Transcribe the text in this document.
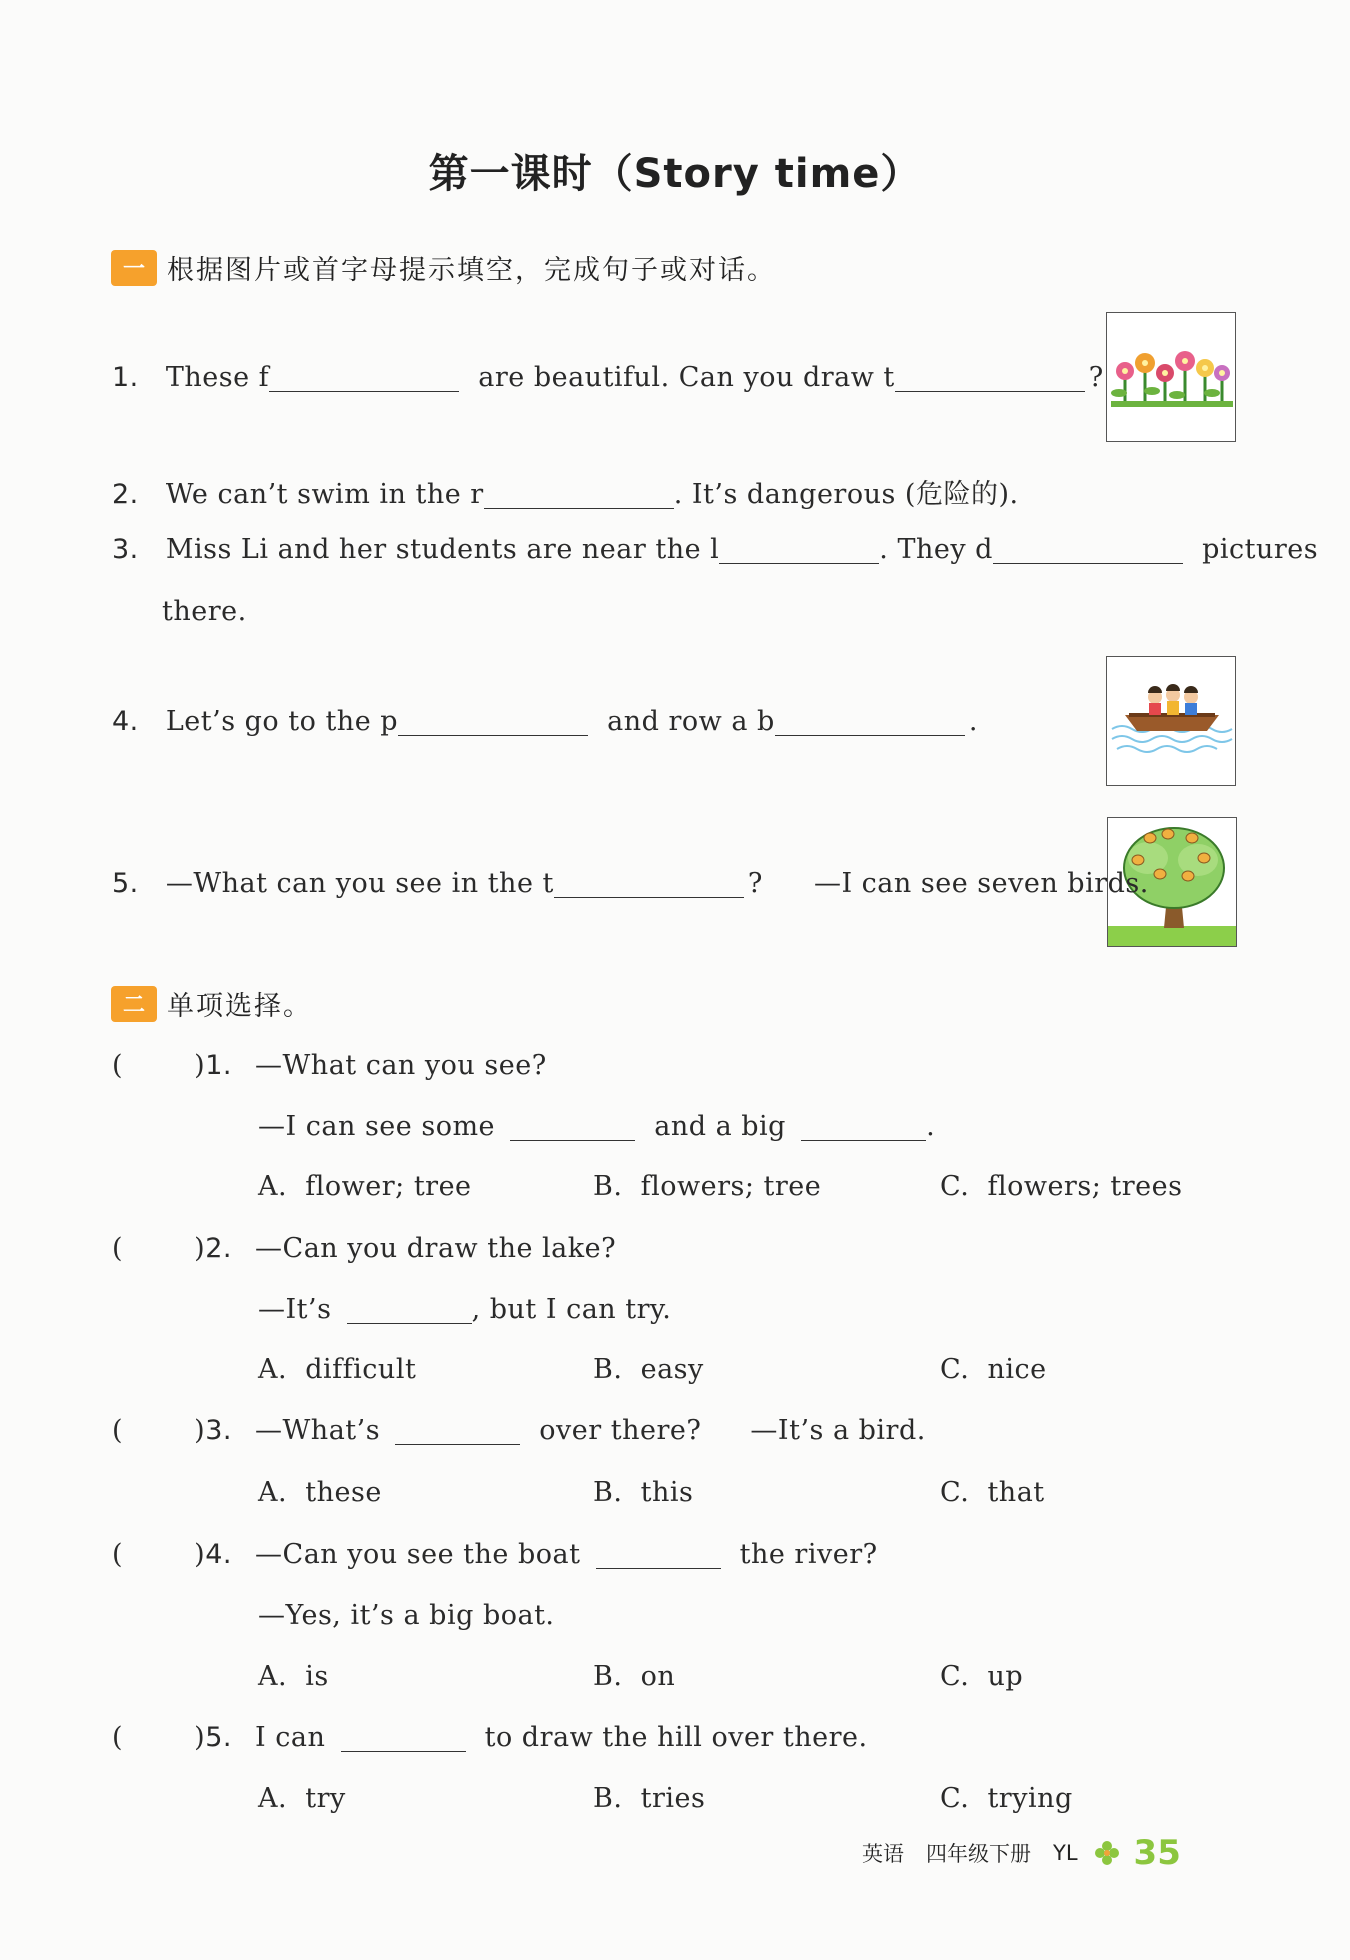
第一课时（Story time）
一 根据图片或首字母提示填空，完成句子或对话。
1. These f	are beautiful. Can you draw t	?
2. We can’t swim in the r	. It’s dangerous (危险的).
3. Miss Li and her students are near the l	. They d	pictures
there.
4. Let’s go to the p	and row a b	.
5. —What can you see in the t	? —I can see seven birds.
二 单项选择。
(	)1. —What can you see?
—I can see some	and a big	.
A. flower; tree	B. flowers; tree	C. flowers; trees
(	)2. —Can you draw the lake?
—It’s	, but I can try.
A. difficult	B. easy	C. nice
(	)3. —What’s	over there? —It’s a bird.
A. these	B. this	C. that
(	)4. —Can you see the boat	the river?
—Yes, it’s a big boat.
A. is	B. on	C. up
(	)5. I can	to draw the hill over there.
A. try	B. tries	C. trying
英语 四年级下册 YL 35
